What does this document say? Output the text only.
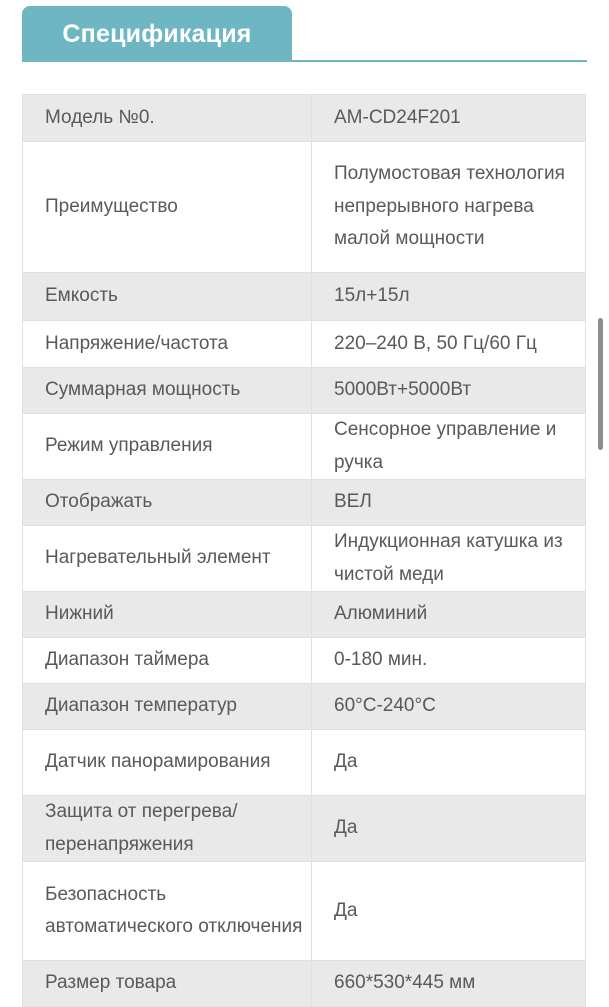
Спецификация
Модель №0.	AM-CD24F201
Преимущество	Полумостовая технология непрерывного нагрева малой мощности
Емкость	15л+15л
Напряжение/частота	220–240 В, 50 Гц/60 Гц
Суммарная мощность	5000Вт+5000Вт
Режим управления	Сенсорное управление и ручка
Отображать	ВЕЛ
Нагревательный элемент	Индукционная катушка из чистой меди
Нижний	Алюминий
Диапазон таймера	0-180 мин.
Диапазон температур	60°C-240°C
Датчик панорамирования	Да
Защита от перегрева/ перенапряжения	Да
Безопасность автоматического отключения	Да
Размер товара	660*530*445 мм
